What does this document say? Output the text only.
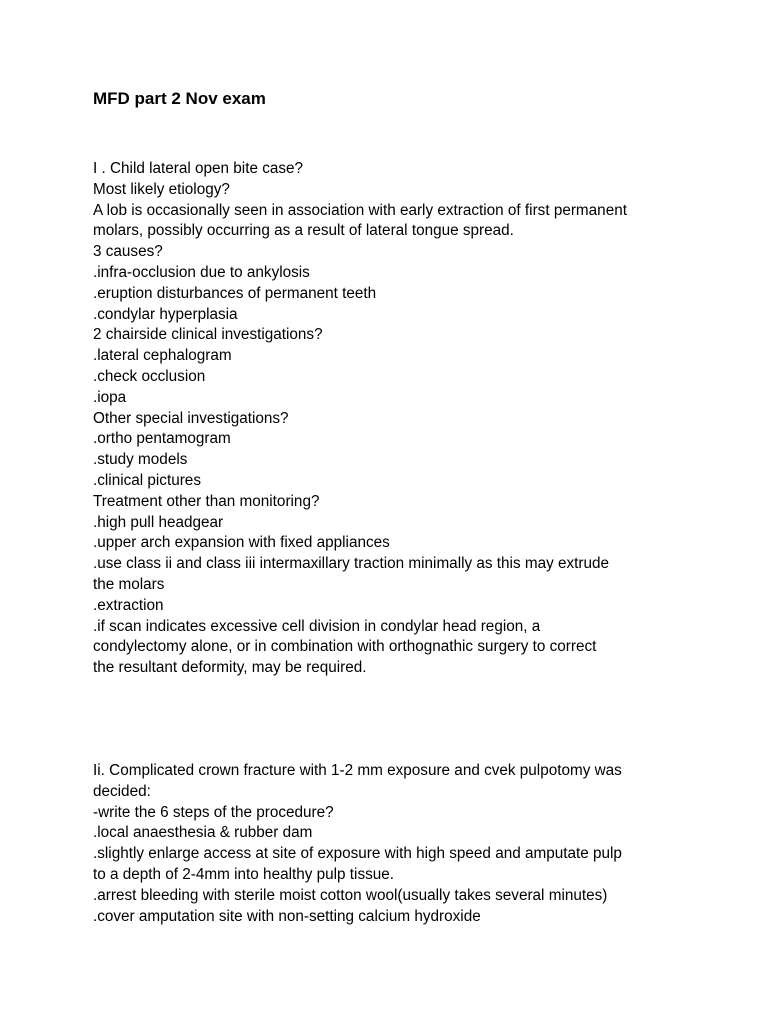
MFD part 2 Nov exam
I . Child lateral open bite case?
Most likely etiology?
A lob is occasionally seen in association with early extraction of first permanent
molars, possibly occurring as a result of lateral tongue spread.
3 causes?
.infra-occlusion due to ankylosis
.eruption disturbances of permanent teeth
.condylar hyperplasia
2 chairside clinical investigations?
.lateral cephalogram
.check occlusion
.iopa
Other special investigations?
.ortho pentamogram
.study models
.clinical pictures
Treatment other than monitoring?
.high pull headgear
.upper arch expansion with fixed appliances
.use class ii and class iii intermaxillary traction minimally as this may extrude
the molars
.extraction
.if scan indicates excessive cell division in condylar head region, a
condylectomy alone, or in combination with orthognathic surgery to correct
the resultant deformity, may be required.
Ii. Complicated crown fracture with 1-2 mm exposure and cvek pulpotomy was
decided:
-write the 6 steps of the procedure?
.local anaesthesia & rubber dam
.slightly enlarge access at site of exposure with high speed and amputate pulp
to a depth of 2-4mm into healthy pulp tissue.
.arrest bleeding with sterile moist cotton wool(usually takes several minutes)
.cover amputation site with non-setting calcium hydroxide
